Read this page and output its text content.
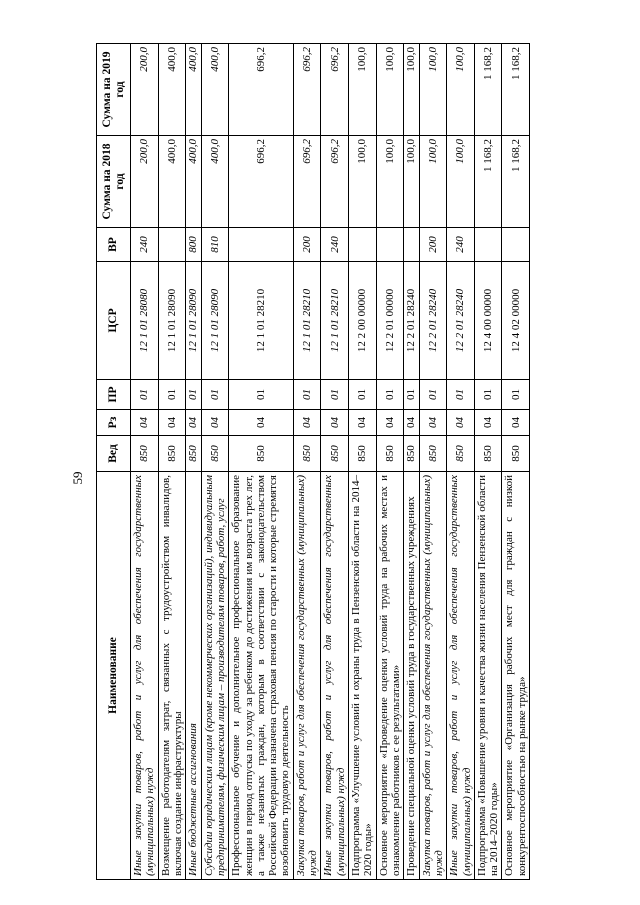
59
Наименование	Вед	Рз	ПР	ЦСР	ВР	Сумма на 2018 год	Сумма на 2019 год
Иные закупки товаров, работ и услуг для обеспечения государственных (муниципальных) нужд	850	04	01	12 1 01 28080	240	200,0	200,0
Возмещение работодателям затрат, связанных с трудоустройством инвалидов, включая создание инфраструктуры	850	04	01	12 1 01 28090		400,0	400,0
Иные бюджетные ассигнования	850	04	01	12 1 01 28090	800	400,0	400,0
Субсидии юридическим лицам (кроме некоммерческих организаций), индивидуальным предпринимателям, физическим лицам – производителям товаров, работ, услуг	850	04	01	12 1 01 28090	810	400,0	400,0
Профессиональное обучение и дополнительное профессиональное образование женщин в период отпуска по уходу за ребенком до достижения им возраста трех лет, а также незанятых граждан, которым в соответствии с законодательством Российской Федерации назначена страховая пенсия по старости и которые стремятся возобновить трудовую деятельность	850	04	01	12 1 01 28210		696,2	696,2
Закупка товаров, работ и услуг для обеспечения государственных (муниципальных) нужд	850	04	01	12 1 01 28210	200	696,2	696,2
Иные закупки товаров, работ и услуг для обеспечения государственных (муниципальных) нужд	850	04	01	12 1 01 28210	240	696,2	696,2
Подпрограмма «Улучшение условий и охраны труда в Пензенской области на 2014–2020 годы»	850	04	01	12 2 00 00000		100,0	100,0
Основное мероприятие «Проведение оценки условий труда на рабочих местах и ознакомление работников с ее результатами»	850	04	01	12 2 01 00000		100,0	100,0
Проведение специальной оценки условий труда в государственных учреждениях	850	04	01	12 2 01 28240		100,0	100,0
Закупка товаров, работ и услуг для обеспечения государственных (муниципальных) нужд	850	04	01	12 2 01 28240	200	100,0	100,0
Иные закупки товаров, работ и услуг для обеспечения государственных (муниципальных) нужд	850	04	01	12 2 01 28240	240	100,0	100,0
Подпрограмма «Повышение уровня и качества жизни населения Пензенской области на 2014–2020 годы»	850	04	01	12 4 00 00000		1 168,2	1 168,2
Основное мероприятие «Организация рабочих мест для граждан с низкой конкурентоспособностью на рынке труда»	850	04	01	12 4 02 00000		1 168,2	1 168,2
